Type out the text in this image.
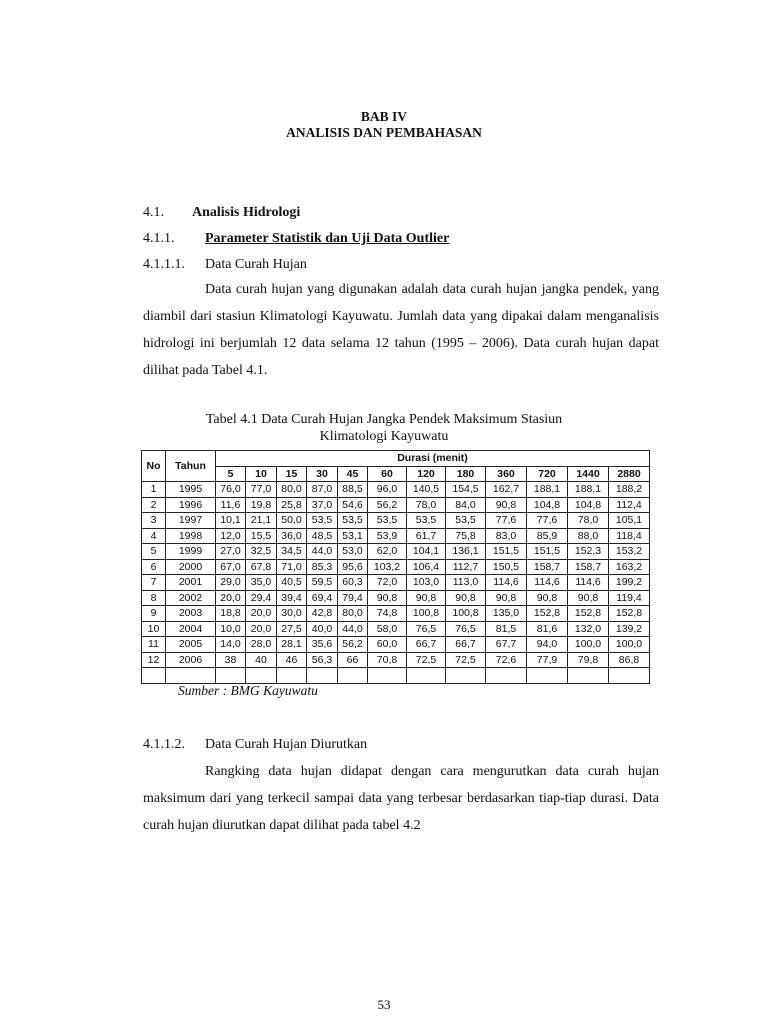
BAB IV
ANALISIS DAN PEMBAHASAN
4.1. Analisis Hidrologi
4.1.1. Parameter Statistik dan Uji Data Outlier
4.1.1.1. Data Curah Hujan
Data curah hujan yang digunakan adalah data curah hujan jangka pendek, yang diambil dari stasiun Klimatologi Kayuwatu. Jumlah data yang dipakai dalam menganalisis hidrologi ini berjumlah 12 data selama 12 tahun (1995 – 2006). Data curah hujan dapat dilihat pada Tabel 4.1.
Tabel 4.1 Data Curah Hujan Jangka Pendek Maksimum Stasiun
Klimatologi Kayuwatu
No	Tahun	Durasi (menit)											
		5	10	15	30	45	60	120	180	360	720	1440	2880
1	1995	76,0	77,0	80,0	87,0	88,5	96,0	140,5	154,5	162,7	188,1	188,1	188,2
2	1996	11,6	19,8	25,8	37,0	54,6	56,2	78,0	84,0	90,8	104,8	104,8	112,4
3	1997	10,1	21,1	50,0	53,5	53,5	53,5	53,5	53,5	77,6	77,6	78,0	105,1
4	1998	12,0	15,5	36,0	48,5	53,1	53,9	61,7	75,8	83,0	85,9	88,0	118,4
5	1999	27,0	32,5	34,5	44,0	53,0	62,0	104,1	136,1	151,5	151,5	152,3	153,2
6	2000	67,0	67,8	71,0	85,3	95,6	103,2	106,4	112,7	150,5	158,7	158,7	163,2
7	2001	29,0	35,0	40,5	59,5	60,3	72,0	103,0	113,0	114,6	114,6	114,6	199,2
8	2002	20,0	29,4	39,4	69,4	79,4	90,8	90,8	90,8	90,8	90,8	90,8	119,4
9	2003	18,8	20,0	30,0	42,8	80,0	74,8	100,8	100,8	135,0	152,8	152,8	152,8
10	2004	10,0	20,0	27,5	40,0	44,0	58,0	76,5	76,5	81,5	81,6	132,0	139,2
11	2005	14,0	28,0	28,1	35,6	56,2	60,0	66,7	66,7	67,7	94,0	100,0	100,0
12	2006	38	40	46	56,3	66	70,8	72,5	72,5	72,6	77,9	79,8	86,8

Sumber : BMG Kayuwatu
4.1.1.2. Data Curah Hujan Diurutkan
Rangking data hujan didapat dengan cara mengurutkan data curah hujan maksimum dari yang terkecil sampai data yang terbesar berdasarkan tiap-tiap durasi. Data curah hujan diurutkan dapat dilihat pada tabel 4.2
53
